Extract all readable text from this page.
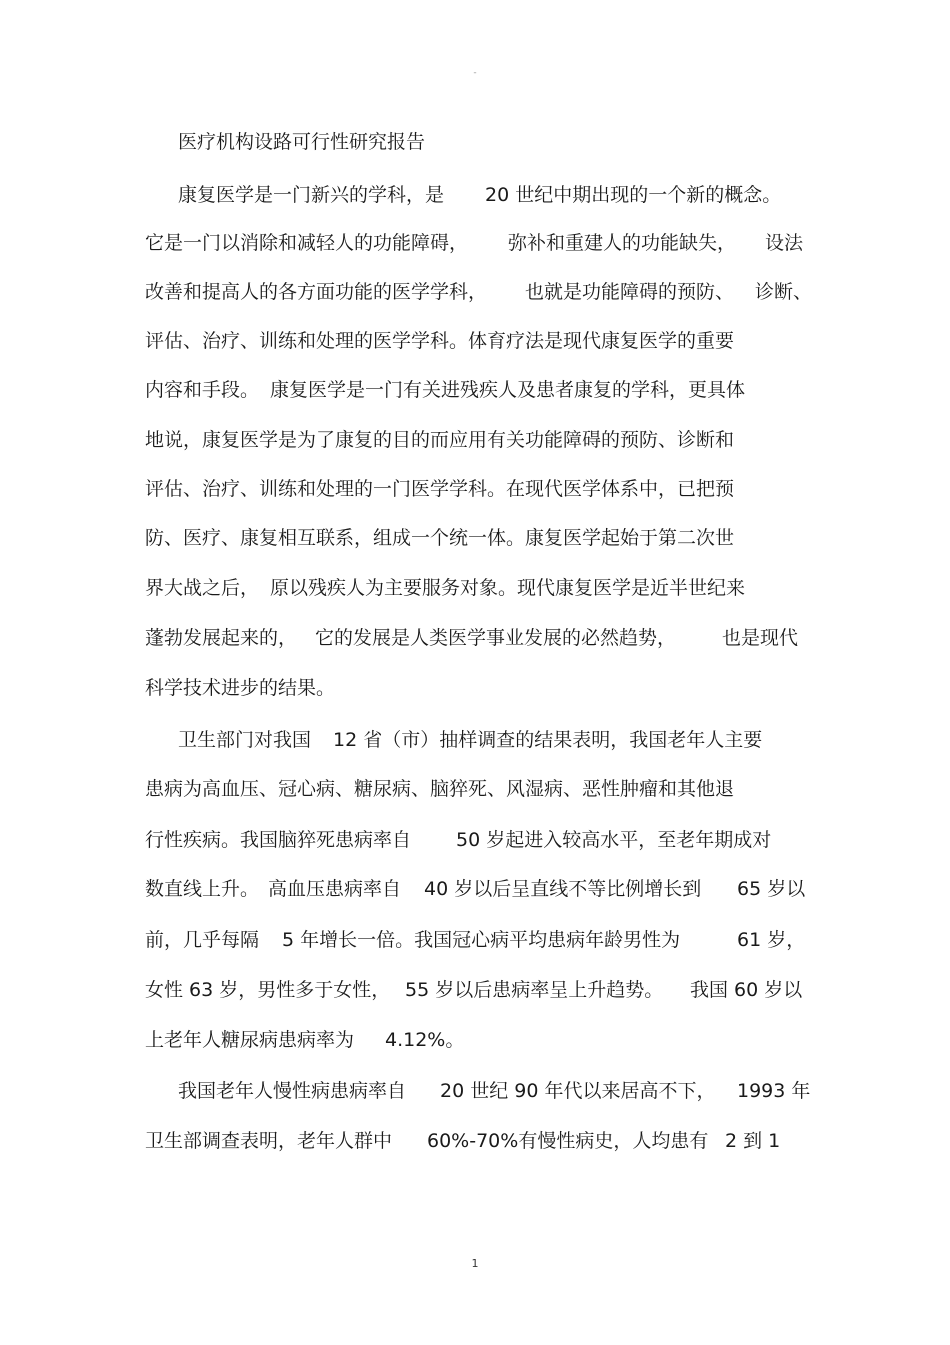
-

医疗机构设路可行性研究报告

康复医学是一门新兴的学科，是

20 世纪中期出现的一个新的概念。

它是一门以消除和减轻人的功能障碍，

弥补和重建人的功能缺失，

设法

改善和提高人的各方面功能的医学学科，

也就是功能障碍的预防、

诊断、

评估、治疗、训练和处理的医学学科。体育疗法是现代康复医学的重要

内容和手段。

康复医学是一门有关进残疾人及患者康复的学科，更具体

地说，康复医学是为了康复的目的而应用有关功能障碍的预防、诊断和

评估、治疗、训练和处理的一门医学学科。在现代医学体系中，已把预

防、医疗、康复相互联系，组成一个统一体。康复医学起始于第二次世

界大战之后，

原以残疾人为主要服务对象。现代康复医学是近半世纪来

蓬勃发展起来的，

它的发展是人类医学事业发展的必然趋势，

也是现代

科学技术进步的结果。

卫生部门对我国

12 省（市）抽样调查的结果表明，我国老年人主要

患病为高血压、冠心病、糖尿病、脑猝死、风湿病、恶性肿瘤和其他退

行性疾病。我国脑猝死患病率自

50 岁起进入较高水平，至老年期成对

数直线上升。

高血压患病率自

40 岁以后呈直线不等比例增长到

65 岁以

前，几乎每隔

5 年增长一倍。我国冠心病平均患病年龄男性为

	61 岁，

女性 63 岁，男性多于女性，

55 岁以后患病率呈上升趋势。

我国 60 岁以

上老年人糖尿病患病率为

4.12%。

我国老年人慢性病患病率自

20 世纪 90 年代以来居高不下，

1993 年

卫生部调查表明，老年人群中

60%-70%有慢性病史，人均患有

2 到 1

1
